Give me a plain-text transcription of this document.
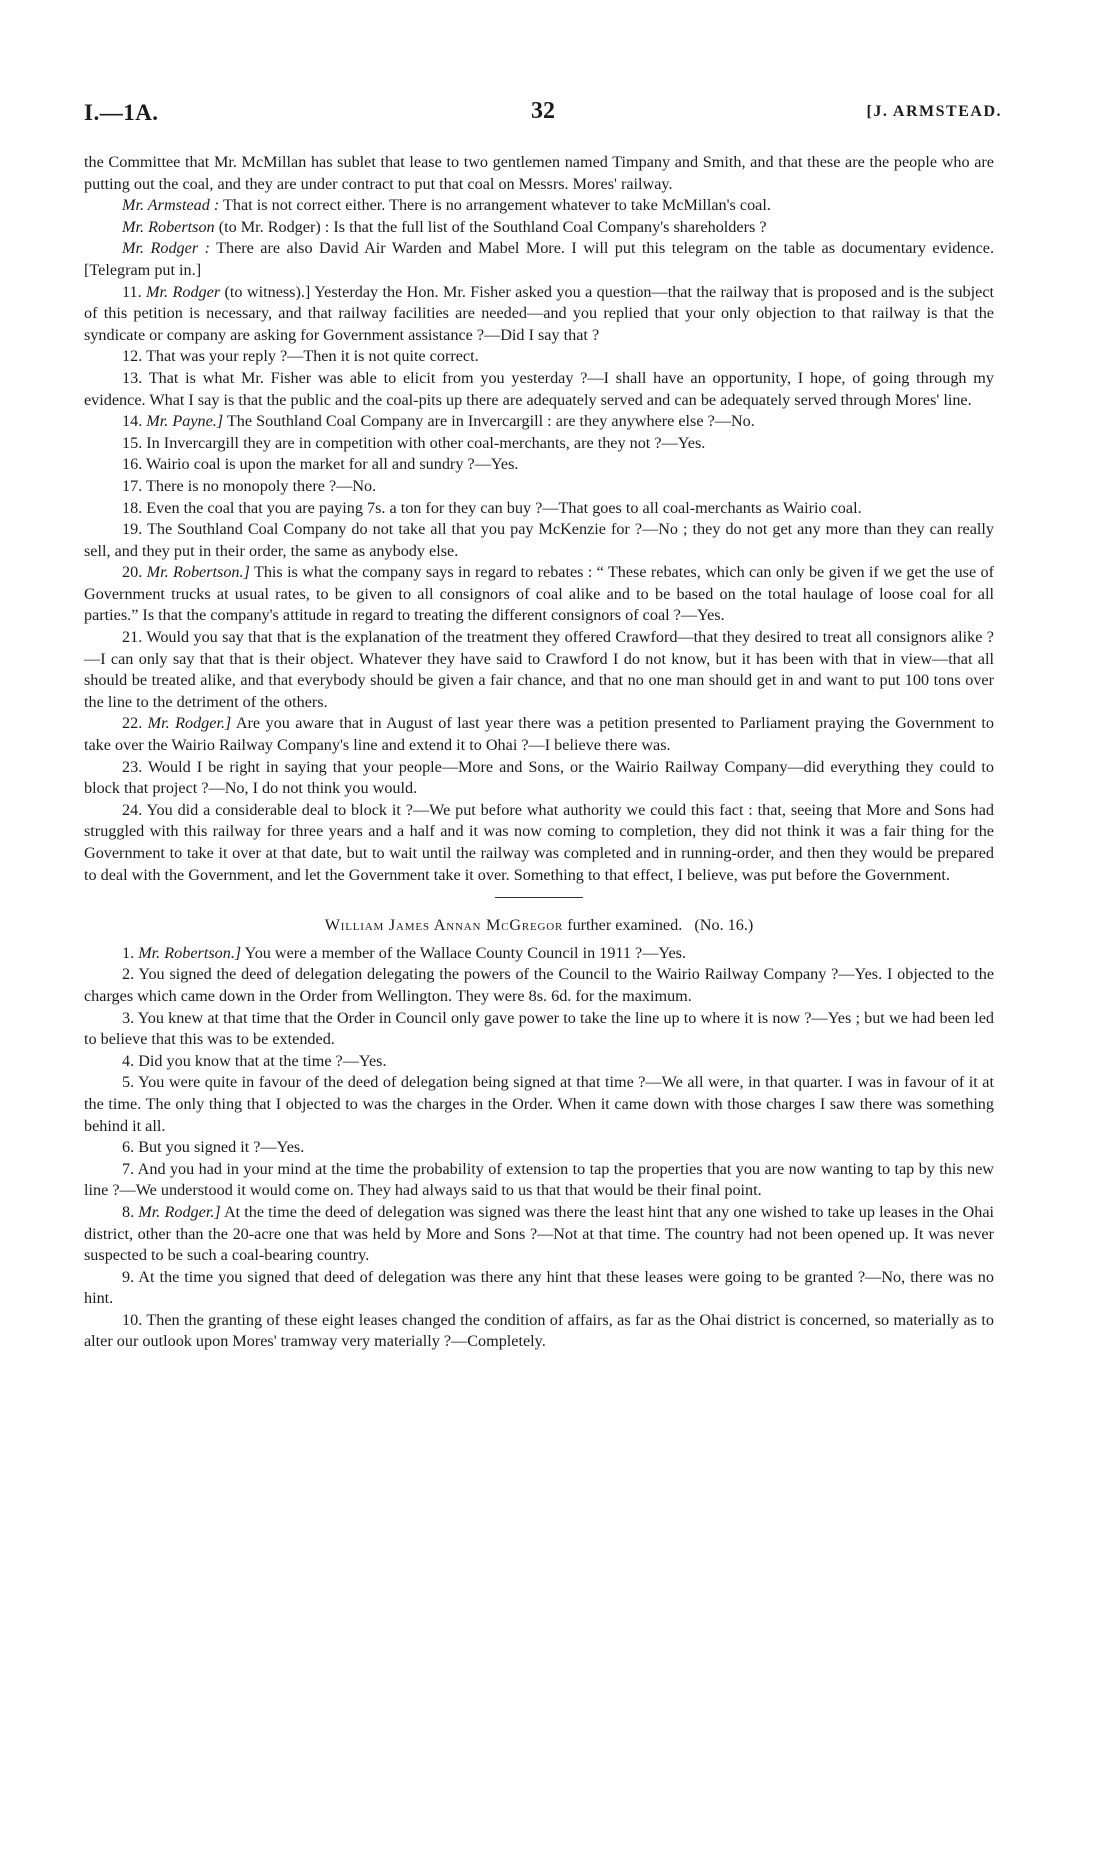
I.—1A.	32	[J. ARMSTEAD.

the Committee that Mr. McMillan has sublet that lease to two gentlemen named Timpany and Smith, and that these are the people who are putting out the coal, and they are under contract to put that coal on Messrs. Mores' railway.

Mr. Armstead : That is not correct either. There is no arrangement whatever to take McMillan's coal.

Mr. Robertson (to Mr. Rodger) : Is that the full list of the Southland Coal Company's shareholders ?

Mr. Rodger : There are also David Air Warden and Mabel More. I will put this telegram on the table as documentary evidence. [Telegram put in.]

11. Mr. Rodger (to witness).] Yesterday the Hon. Mr. Fisher asked you a question—that the railway that is proposed and is the subject of this petition is necessary, and that railway facilities are needed—and you replied that your only objection to that railway is that the syndicate or company are asking for Government assistance ?—Did I say that ?

12. That was your reply ?—Then it is not quite correct.

13. That is what Mr. Fisher was able to elicit from you yesterday ?—I shall have an opportunity, I hope, of going through my evidence. What I say is that the public and the coal-pits up there are adequately served and can be adequately served through Mores' line.

14. Mr. Payne.] The Southland Coal Company are in Invercargill : are they anywhere else ?—No.

15. In Invercargill they are in competition with other coal-merchants, are they not ?—Yes.

16. Wairio coal is upon the market for all and sundry ?—Yes.

17. There is no monopoly there ?—No.

18. Even the coal that you are paying 7s. a ton for they can buy ?—That goes to all coal-merchants as Wairio coal.

19. The Southland Coal Company do not take all that you pay McKenzie for ?—No ; they do not get any more than they can really sell, and they put in their order, the same as anybody else.

20. Mr. Robertson.] This is what the company says in regard to rebates : “ These rebates, which can only be given if we get the use of Government trucks at usual rates, to be given to all consignors of coal alike and to be based on the total haulage of loose coal for all parties.” Is that the company's attitude in regard to treating the different consignors of coal ?—Yes.

21. Would you say that that is the explanation of the treatment they offered Crawford—that they desired to treat all consignors alike ?—I can only say that that is their object. Whatever they have said to Crawford I do not know, but it has been with that in view—that all should be treated alike, and that everybody should be given a fair chance, and that no one man should get in and want to put 100 tons over the line to the detriment of the others.

22. Mr. Rodger.] Are you aware that in August of last year there was a petition presented to Parliament praying the Government to take over the Wairio Railway Company's line and extend it to Ohai ?—I believe there was.

23. Would I be right in saying that your people—More and Sons, or the Wairio Railway Company—did everything they could to block that project ?—No, I do not think you would.

24. You did a considerable deal to block it ?—We put before what authority we could this fact : that, seeing that More and Sons had struggled with this railway for three years and a half and it was now coming to completion, they did not think it was a fair thing for the Government to take it over at that date, but to wait until the railway was completed and in running-order, and then they would be prepared to deal with the Government, and let the Government take it over. Something to that effect, I believe, was put before the Government.

William James Annan McGregor further examined. (No. 16.)

1. Mr. Robertson.] You were a member of the Wallace County Council in 1911 ?—Yes.

2. You signed the deed of delegation delegating the powers of the Council to the Wairio Railway Company ?—Yes. I objected to the charges which came down in the Order from Wellington. They were 8s. 6d. for the maximum.

3. You knew at that time that the Order in Council only gave power to take the line up to where it is now ?—Yes ; but we had been led to believe that this was to be extended.

4. Did you know that at the time ?—Yes.

5. You were quite in favour of the deed of delegation being signed at that time ?—We all were, in that quarter. I was in favour of it at the time. The only thing that I objected to was the charges in the Order. When it came down with those charges I saw there was something behind it all.

6. But you signed it ?—Yes.

7. And you had in your mind at the time the probability of extension to tap the properties that you are now wanting to tap by this new line ?—We understood it would come on. They had always said to us that that would be their final point.

8. Mr. Rodger.] At the time the deed of delegation was signed was there the least hint that any one wished to take up leases in the Ohai district, other than the 20-acre one that was held by More and Sons ?—Not at that time. The country had not been opened up. It was never suspected to be such a coal-bearing country.

9. At the time you signed that deed of delegation was there any hint that these leases were going to be granted ?—No, there was no hint.

10. Then the granting of these eight leases changed the condition of affairs, as far as the Ohai district is concerned, so materially as to alter our outlook upon Mores' tramway very materially ?—Completely.
